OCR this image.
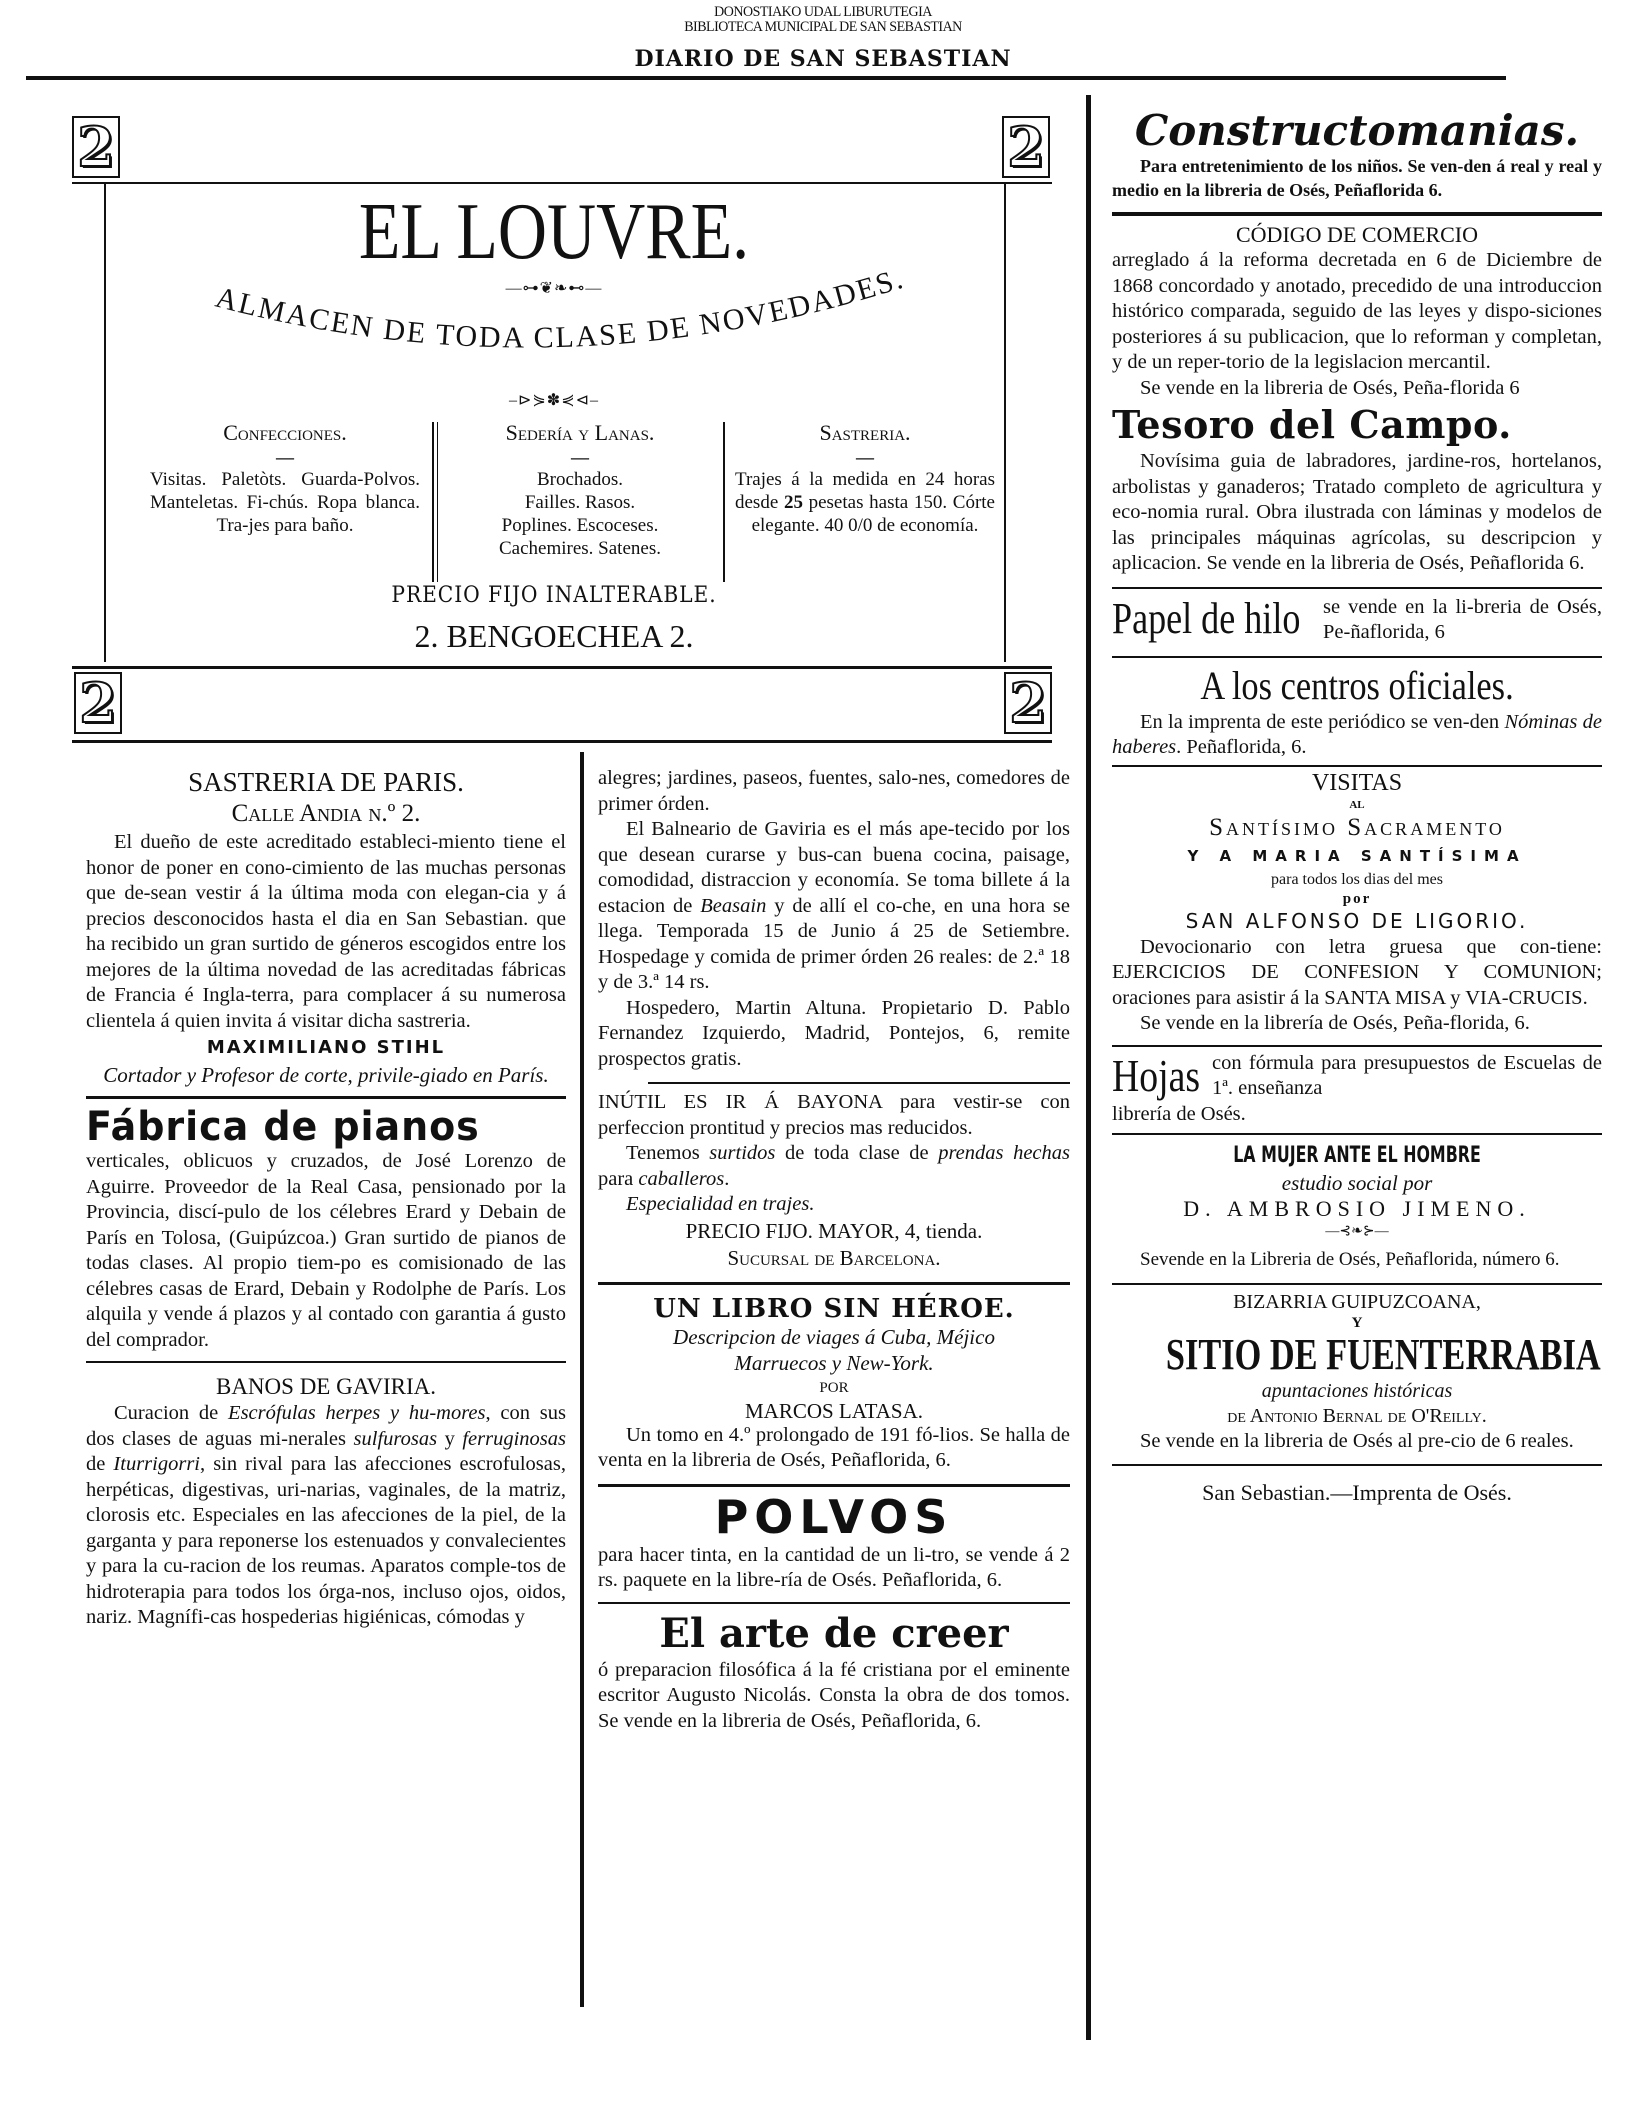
DONOSTIAKO UDAL LIBURUTEGIA
BIBLIOTECA MUNICIPAL DE SAN SEBASTIAN
DIARIO DE SAN SEBASTIAN
2	2
EL LOUVRE.
—⊶❦❧⊷—
ALMACEN DE TODA CLASE DE NOVEDADES.
–⊳⋟✽⋞⊲–
Confecciones.
—
Visitas. Paletòts. Guarda-Polvos. Manteletas. Fi-chús. Ropa blanca. Tra-jes para baño.
Sedería y Lanas.
—
Brochados.
Failles. Rasos.
Poplines. Escoceses.
Cachemires. Satenes.
Sastreria.
—
Trajes á la medida en 24 horas desde 25 pesetas hasta 150. Córte elegante. 40 0/0 de economía.
PRECIO FIJO INALTERABLE.
2. BENGOECHEA 2.
2	2
SASTRERIA DE PARIS.
Calle Andia n.º 2.
El dueño de este acreditado estableci-miento tiene el honor de poner en cono-cimiento de las muchas personas que de-sean vestir á la última moda con elegan-cia y á precios desconocidos hasta el dia en San Sebastian. que ha recibido un gran surtido de géneros escogidos entre los mejores de la última novedad de las acreditadas fábricas de Francia é Ingla-terra, para complacer á su numerosa clientela á quien invita á visitar dicha sastreria.
MAXIMILIANO STIHL
Cortador y Profesor de corte, privile-giado en París.
Fábrica de pianos
verticales, oblicuos y cruzados, de José Lorenzo de Aguirre. Proveedor de la Real Casa, pensionado por la Provincia, discí-pulo de los célebres Erard y Debain de París en Tolosa, (Guipúzcoa.) Gran surtido de pianos de todas clases. Al propio tiem-po es comisionado de las célebres casas de Erard, Debain y Rodolphe de París. Los alquila y vende á plazos y al contado con garantia á gusto del comprador.
BANOS DE GAVIRIA.
Curacion de Escrófulas herpes y hu-mores, con sus dos clases de aguas mi-nerales sulfurosas y ferruginosas de Iturrigorri, sin rival para las afecciones escrofulosas, herpéticas, digestivas, uri-narias, vaginales, de la matriz, clorosis etc. Especiales en las afecciones de la piel, de la garganta y para reponerse los estenuados y convalecientes y para la cu-racion de los reumas. Aparatos comple-tos de hidroterapia para todos los órga-nos, incluso ojos, oidos, nariz. Magnífi-cas hospederias higiénicas, cómodas y
alegres; jardines, paseos, fuentes, salo-nes, comedores de primer órden.
El Balneario de Gaviria es el más ape-tecido por los que desean curarse y bus-can buena cocina, paisage, comodidad, distraccion y economía. Se toma billete á la estacion de Beasain y de allí el co-che, en una hora se llega. Temporada 15 de Junio á 25 de Setiembre. Hospedage y comida de primer órden 26 reales: de 2.ª 18 y de 3.ª 14 rs.
Hospedero, Martin Altuna. Propietario D. Pablo Fernandez Izquierdo, Madrid, Pontejos, 6, remite prospectos gratis.
INÚTIL ES IR Á BAYONA para vestir-se con perfeccion prontitud y precios mas reducidos.
Tenemos surtidos de toda clase de prendas hechas para caballeros.
Especialidad en trajes.
PRECIO FIJO. MAYOR, 4, tienda.
Sucursal de Barcelona.
UN LIBRO SIN HÉROE.
Descripcion de viages á Cuba, Méjico
Marruecos y New-York.
POR
MARCOS LATASA.
Un tomo en 4.º prolongado de 191 fó-lios. Se halla de venta en la libreria de Osés, Peñaflorida, 6.
POLVOS
para hacer tinta, en la cantidad de un li-tro, se vende á 2 rs. paquete en la libre-ría de Osés. Peñaflorida, 6.
El arte de creer
ó preparacion filosófica á la fé cristiana por el eminente escritor Augusto Nicolás. Consta la obra de dos tomos. Se vende en la libreria de Osés, Peñaflorida, 6.
Constructomanias.
Para entretenimiento de los niños. Se ven-den á real y real y medio en la libreria de Osés, Peñaflorida 6.
CÓDIGO DE COMERCIO
arreglado á la reforma decretada en 6 de Diciembre de 1868 concordado y anotado, precedido de una introduccion histórico comparada, seguido de las leyes y dispo-siciones posteriores á su publicacion, que lo reforman y completan, y de un reper-torio de la legislacion mercantil.
Se vende en la libreria de Osés, Peña-florida 6
Tesoro del Campo.
Novísima guia de labradores, jardine-ros, hortelanos, arbolistas y ganaderos; Tratado completo de agricultura y eco-nomia rural. Obra ilustrada con láminas y modelos de las principales máquinas agrícolas, su descripcion y aplicacion. Se vende en la libreria de Osés, Peñaflorida 6.
Papel de hilo se vende en la li-breria de Osés, Pe-ñaflorida, 6
A los centros oficiales.
En la imprenta de este periódico se ven-den Nóminas de haberes. Peñaflorida, 6.
VISITAS
AL
Santísimo Sacramento
Y A MARIA SANTÍSIMA
para todos los dias del mes
por
SAN ALFONSO DE LIGORIO.
Devocionario con letra gruesa que con-tiene: EJERCICIOS DE CONFESION Y COMUNION; oraciones para asistir á la SANTA MISA y VIA-CRUCIS.
Se vende en la librería de Osés, Peña-florida, 6.
Hojas con fórmula para presupuestos de Escuelas de 1ª. enseñanza
librería de Osés.
LA MUJER ANTE EL HOMBRE
estudio social por
D. AMBROSIO JIMENO.
—⊰❧⊱—
Sevende en la Libreria de Osés, Peñaflorida, número 6.
BIZARRIA GUIPUZCOANA,
Y
SITIO DE FUENTERRABIA
apuntaciones históricas
de Antonio Bernal de O'Reilly.
Se vende en la libreria de Osés al pre-cio de 6 reales.
San Sebastian.—Imprenta de Osés.
